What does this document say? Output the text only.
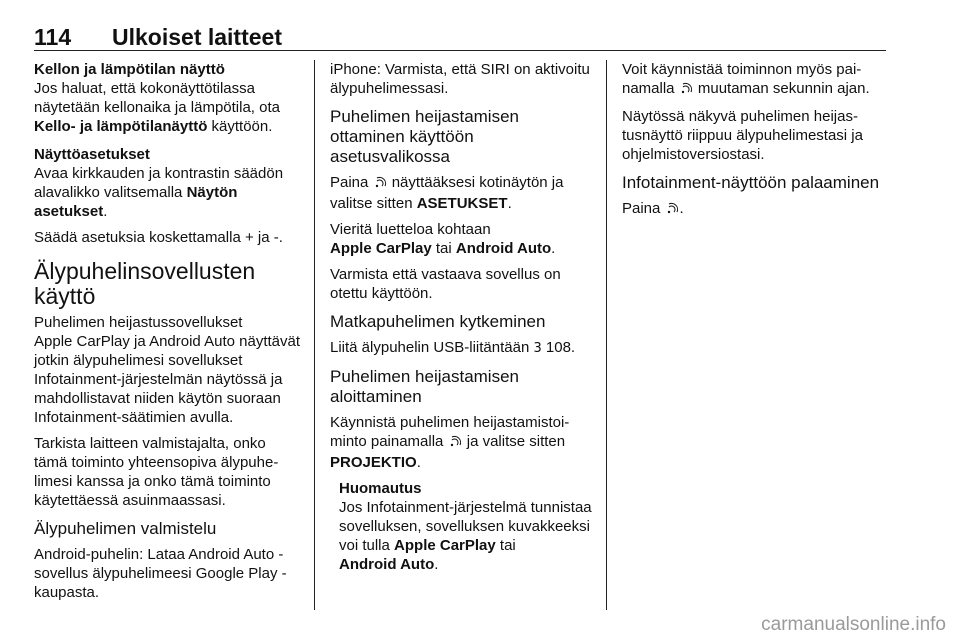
114 Ulkoiset laitteet

Kellon ja lämpötilan näyttö

Jos haluat, että kokonäyttötilassa näytetään kellonaika ja lämpötila, ota Kello- ja lämpötilanäyttö käyttöön.

Näyttöasetukset

Avaa kirkkauden ja kontrastin säädön alavalikko valitsemalla Näytön asetukset.

Säädä asetuksia koskettamalla + ja -.

Älypuhelinsovellusten käyttö

Puhelimen heijastussovellukset

Apple CarPlay ja Android Auto näyttävät jotkin älypuhelimesi sovellukset Infotainment-järjestelmän näytössä ja mahdollistavat niiden käytön suoraan Infotainment-säätimien avulla.

Tarkista laitteen valmistajalta, onko tämä toiminto yhteensopiva älypuhelimesi kanssa ja onko tämä toiminto käytettäessä asuinmaassasi.

Älypuhelimen valmistelu

Android-puhelin: Lataa Android Auto -sovellus älypuhelimeesi Google Play -kaupasta.

iPhone: Varmista, että SIRI on aktivoitu älypuhelimessasi.

Puhelimen heijastamisen ottaminen käyttöön asetusvalikossa

Paina  näyttääksesi kotinäytön ja valitse sitten ASETUKSET.

Vieritä luetteloa kohtaan
Apple CarPlay tai Android Auto.

Varmista että vastaava sovellus on otettu käyttöön.

Matkapuhelimen kytkeminen

Liitä älypuhelin USB-liitäntään 3 108.

Puhelimen heijastamisen aloittaminen

Käynnistä puhelimen heijastamistoiminto painamalla  ja valitse sitten PROJEKTIO.

Huomautus

Jos Infotainment-järjestelmä tunnistaa sovelluksen, sovelluksen kuvakkeeksi voi tulla Apple CarPlay tai
Android Auto.

Voit käynnistää toiminnon myös painamalla  muutaman sekunnin ajan.

Näytössä näkyvä puhelimen heijastusnäyttö riippuu älypuhelimestasi ja ohjelmistoversiostasi.

Infotainment-näyttöön palaaminen

Paina .

carmanualsonline.info
